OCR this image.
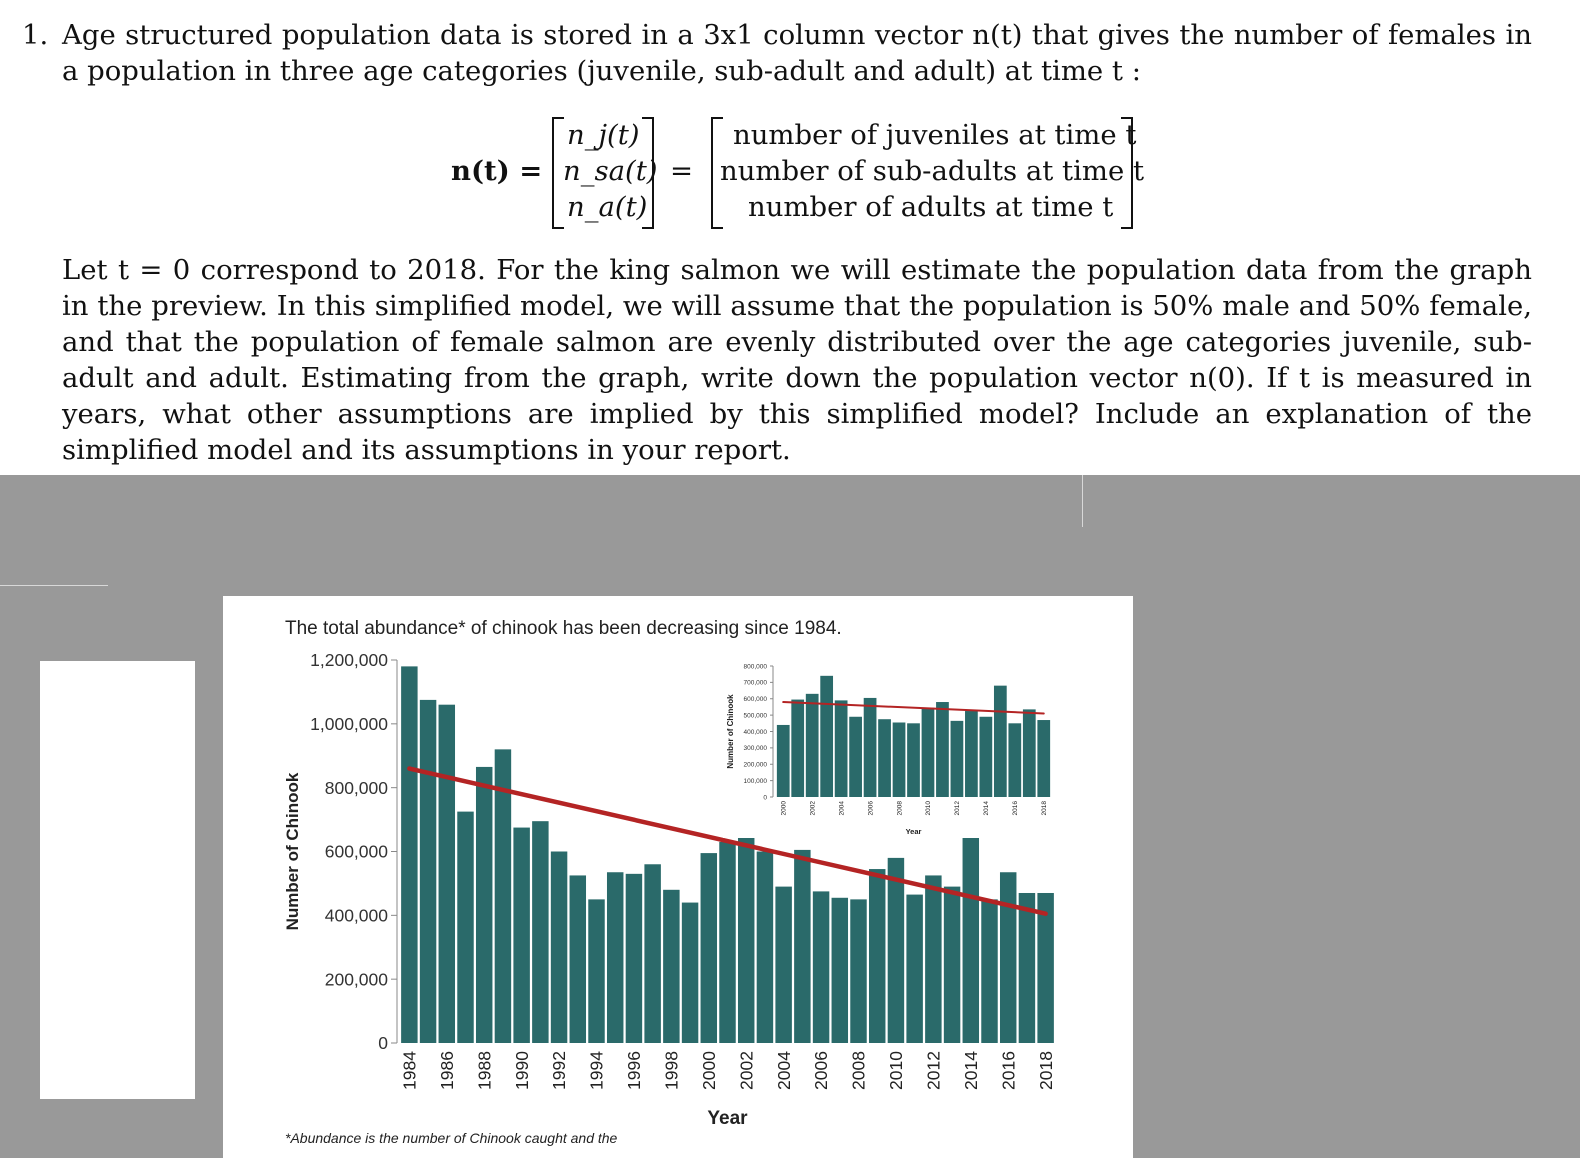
1. Age structured population data is stored in a 3x1 column vector n(t) that gives the number of females in a population in three age categories (juvenile, sub-adult and adult) at time t :
n(t) =
n_j(t)
n_sa(t)
n_a(t)
=
number of juveniles at time t
number of sub-adults at time t
number of adults at time t
Let t = 0 correspond to 2018. For the king salmon we will estimate the population data from the graph in the preview. In this simplified model, we will assume that the population is 50% male and 50% female, and that the population of female salmon are evenly distributed over the age categories juvenile, sub-adult and adult. Estimating from the graph, write down the population vector n(0). If t is measured in years, what other assumptions are implied by this simplified model? Include an explanation of the simplified model and its assumptions in your report.
The total abundance* of chinook has been decreasing since 1984.
0
200,000
400,000
600,000
800,000
1,000,000
1,200,000
1984 1986 1988 1990 1992 1994 1996 1998 2000 2002 2004 2006 2008 2010 2012 2014 2016 2018
Year
Number of Chinook	0
100,000
200,000
300,000
400,000
500,000
600,000
700,000
800,000
2000	2002	2004	2006	2008	2010	2012	2014	2016	2018
Year
Number of Chinook
*Abundance is the number of Chinook caught and the
